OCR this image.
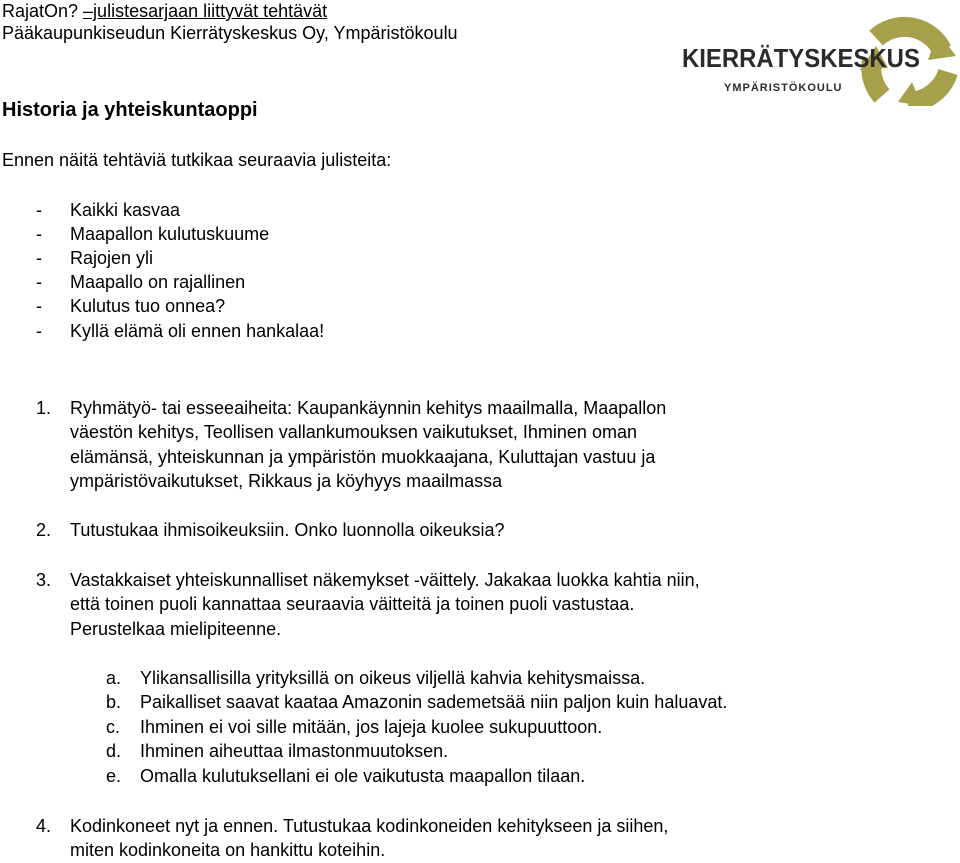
RajatOn? –julistesarjaan liittyvät tehtävät
Pääkaupunkiseudun Kierrätyskeskus Oy, Ympäristökoulu
KIERRÄTYSKESKUS
YMPÄRISTÖKOULU
Historia ja yhteiskuntaoppi
Ennen näitä tehtäviä tutkikaa seuraavia julisteita:
- Kaikki kasvaa
- Maapallon kulutuskuume
- Rajojen yli
- Maapallo on rajallinen
- Kulutus tuo onnea?
- Kyllä elämä oli ennen hankalaa!
1. Ryhmätyö- tai esseeaiheita: Kaupankäynnin kehitys maailmalla, Maapallon
väestön kehitys, Teollisen vallankumouksen vaikutukset, Ihminen oman
elämänsä, yhteiskunnan ja ympäristön muokkaajana, Kuluttajan vastuu ja
ympäristövaikutukset, Rikkaus ja köyhyys maailmassa
2. Tutustukaa ihmisoikeuksiin. Onko luonnolla oikeuksia?
3. Vastakkaiset yhteiskunnalliset näkemykset -väittely. Jakakaa luokka kahtia niin,
että toinen puoli kannattaa seuraavia väitteitä ja toinen puoli vastustaa.
Perustelkaa mielipiteenne.
a. Ylikansallisilla yrityksillä on oikeus viljellä kahvia kehitysmaissa.
b. Paikalliset saavat kaataa Amazonin sademetsää niin paljon kuin haluavat.
c. Ihminen ei voi sille mitään, jos lajeja kuolee sukupuuttoon.
d. Ihminen aiheuttaa ilmastonmuutoksen.
e. Omalla kulutuksellani ei ole vaikutusta maapallon tilaan.
4. Kodinkoneet nyt ja ennen. Tutustukaa kodinkoneiden kehitykseen ja siihen,
miten kodinkoneita on hankittu koteihin.
